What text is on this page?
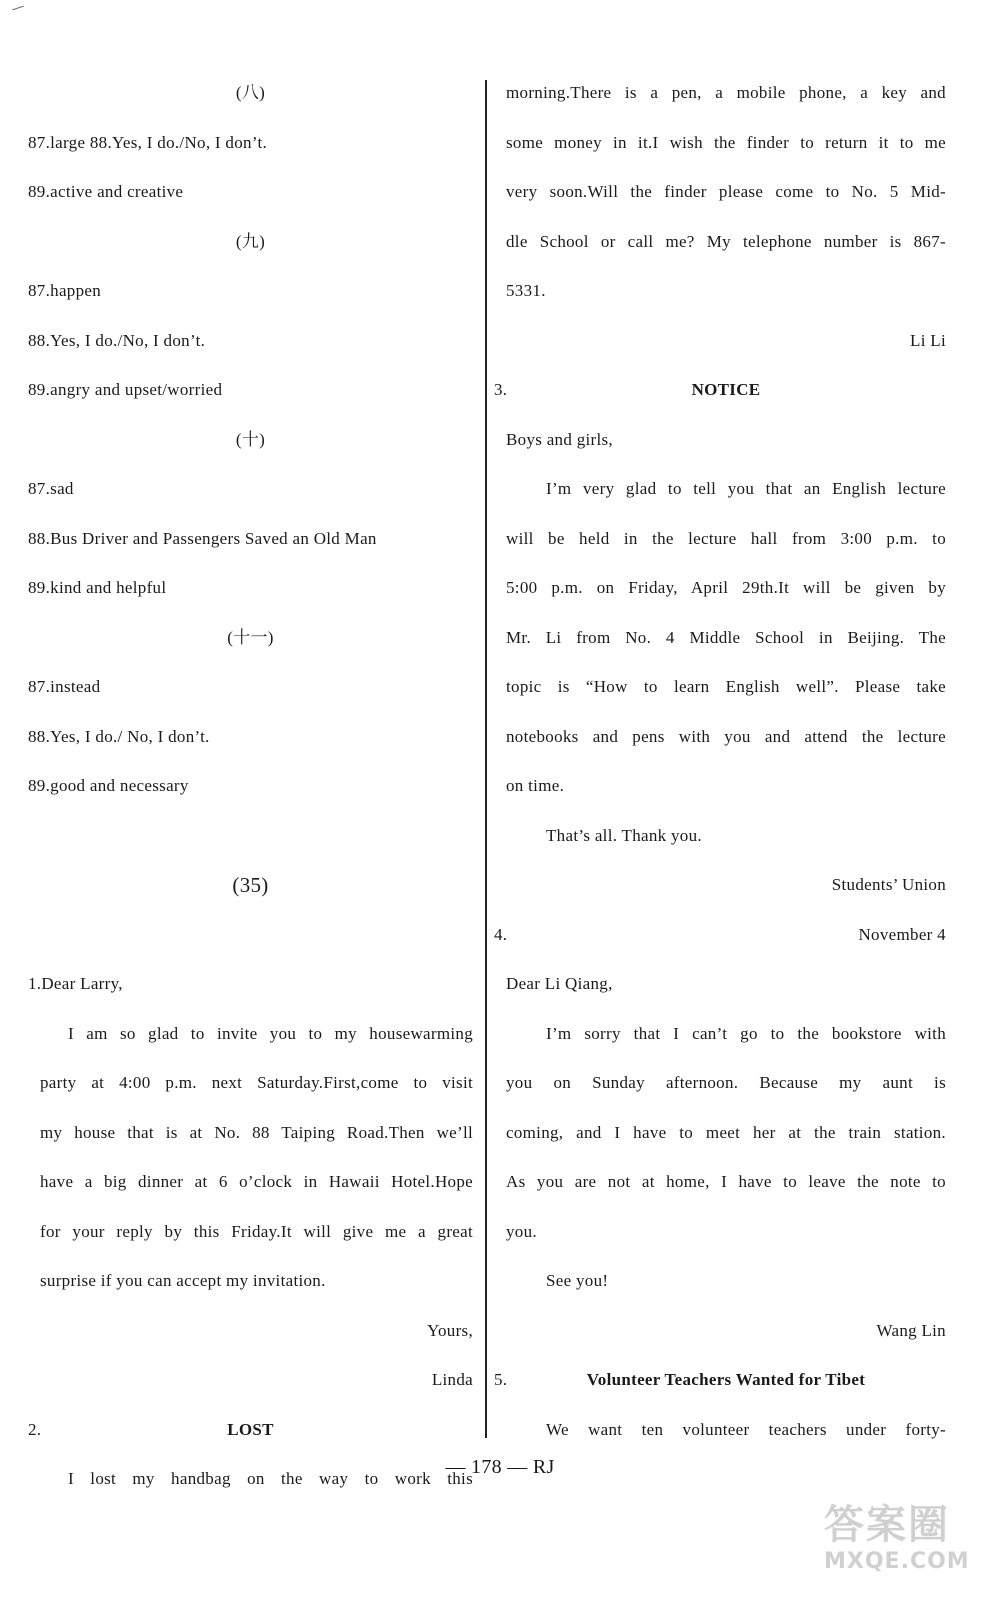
(八)
87.large 88.Yes, I do./No, I don’t.
89.active and creative
(九)
87.happen
88.Yes, I do./No, I don’t.
89.angry and upset/worried
(十)
87.sad
88.Bus Driver and Passengers Saved an Old Man
89.kind and helpful
(十一)
87.instead
88.Yes, I do./ No, I don’t.
89.good and necessary
(35)
1.Dear Larry,
I am so glad to invite you to my housewarming
party at 4:00 p.m. next Saturday.First,come to visit
my house that is at No. 88 Taiping Road.Then we’ll
have a big dinner at 6 o’clock in Hawaii Hotel.Hope
for your reply by this Friday.It will give me a great
surprise if you can accept my invitation.
Yours,
Linda
2.	LOST
I lost my handbag on the way to work this
morning.There is a pen, a mobile phone, a key and
some money in it.I wish the finder to return it to me
very soon.Will the finder please come to No. 5 Mid-
dle School or call me? My telephone number is 867-
5331.
Li Li
3.	NOTICE
Boys and girls,
I’m very glad to tell you that an English lecture
will be held in the lecture hall from 3:00 p.m. to
5:00 p.m. on Friday, April 29th.It will be given by
Mr. Li from No. 4 Middle School in Beijing. The
topic is “How to learn English well”. Please take
notebooks and pens with you and attend the lecture
on time.
That’s all. Thank you.
Students’ Union
4.	November 4
Dear Li Qiang,
I’m sorry that I can’t go to the bookstore with
you on Sunday afternoon. Because my aunt is
coming, and I have to meet her at the train station.
As you are not at home, I have to leave the note to
you.
See you!
Wang Lin
5.	Volunteer Teachers Wanted for Tibet
We want ten volunteer teachers under forty-
— 178 — RJ
答案圈
MXQE.COM
